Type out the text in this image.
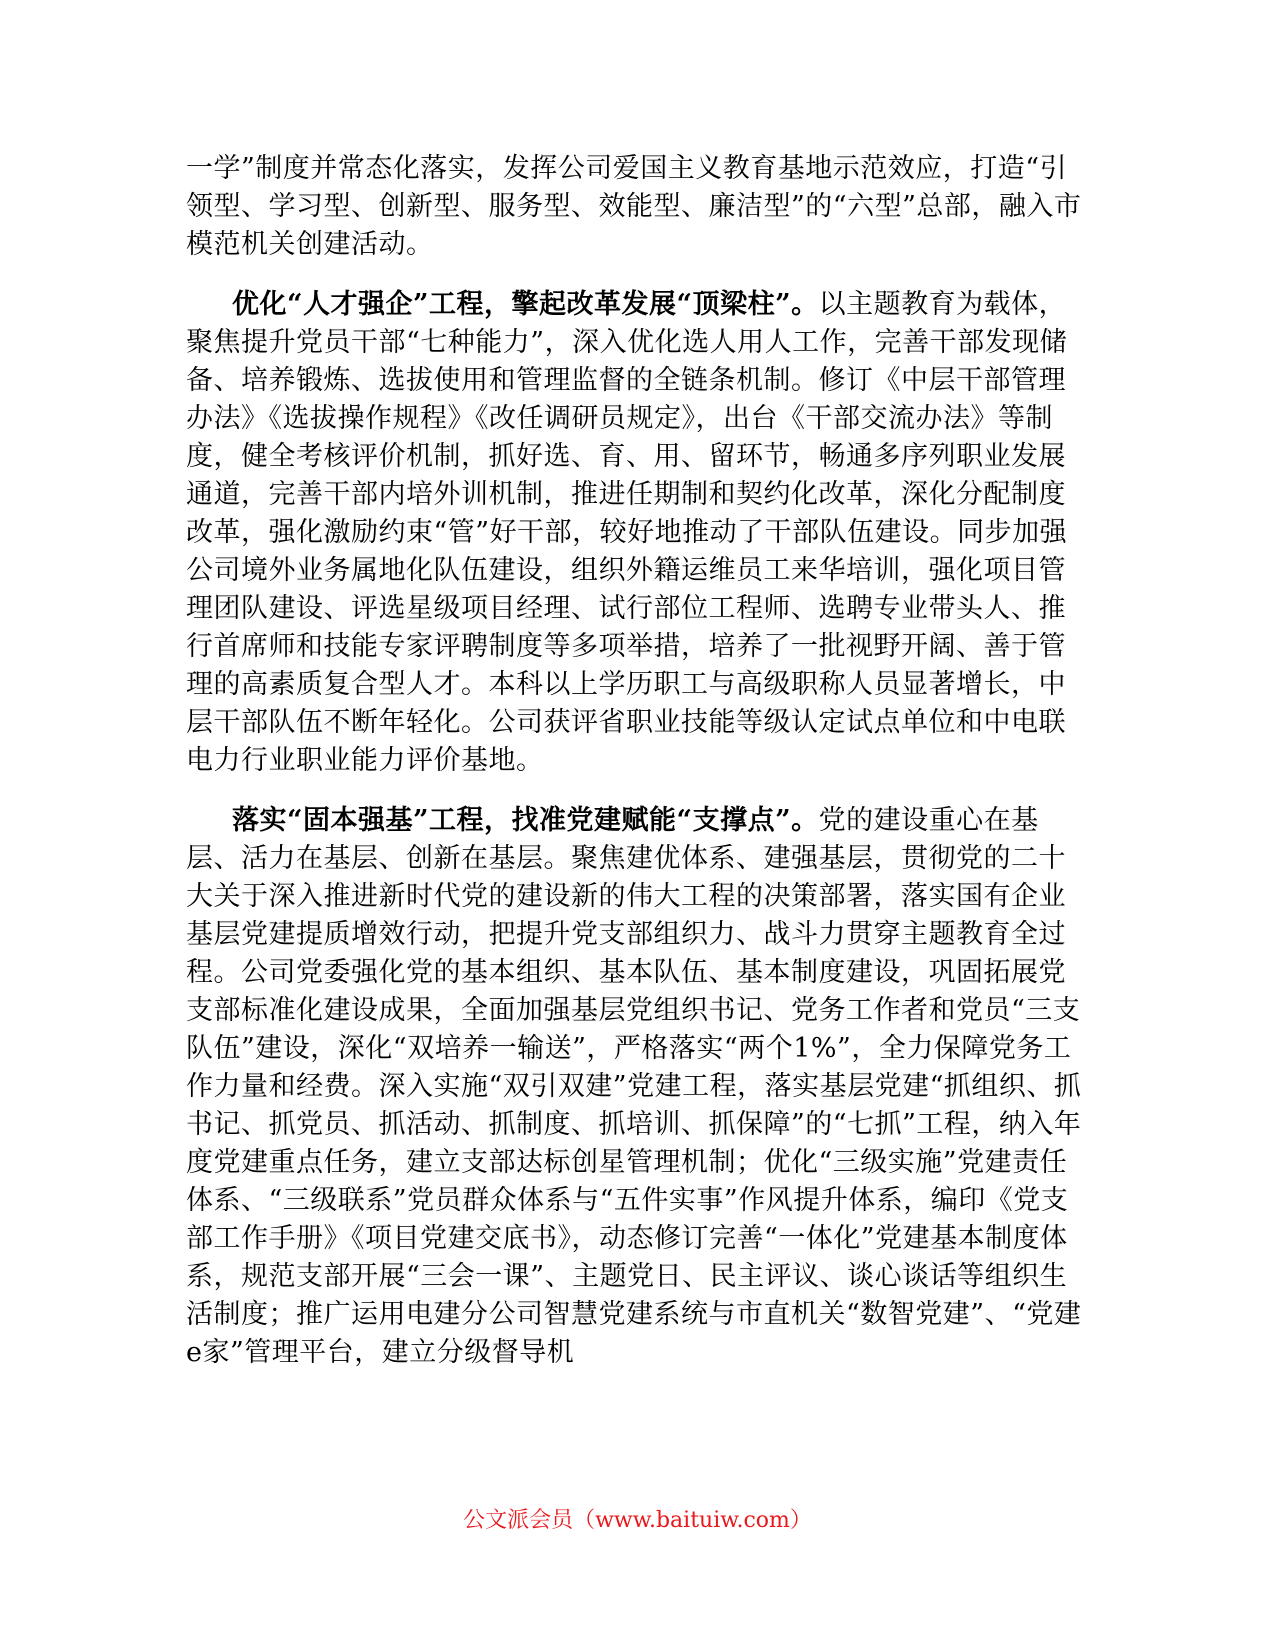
一学”制度并常态化落实，发挥公司爱国主义教育基地示范效应，打造“引领型、学习型、创新型、服务型、效能型、廉洁型”的“六型”总部，融入市模范机关创建活动。

优化“人才强企”工程，擎起改革发展“顶梁柱”。以主题教育为载体，聚焦提升党员干部“七种能力”，深入优化选人用人工作，完善干部发现储备、培养锻炼、选拔使用和管理监督的全链条机制。修订《中层干部管理办法》《选拔操作规程》《改任调研员规定》，出台《干部交流办法》等制度，健全考核评价机制，抓好选、育、用、留环节，畅通多序列职业发展通道，完善干部内培外训机制，推进任期制和契约化改革，深化分配制度改革，强化激励约束“管”好干部，较好地推动了干部队伍建设。同步加强公司境外业务属地化队伍建设，组织外籍运维员工来华培训，强化项目管理团队建设、评选星级项目经理、试行部位工程师、选聘专业带头人、推行首席师和技能专家评聘制度等多项举措，培养了一批视野开阔、善于管理的高素质复合型人才。本科以上学历职工与高级职称人员显著增长，中层干部队伍不断年轻化。公司获评省职业技能等级认定试点单位和中电联电力行业职业能力评价基地。

落实“固本强基”工程，找准党建赋能“支撑点”。党的建设重心在基层、活力在基层、创新在基层。聚焦建优体系、建强基层，贯彻党的二十大关于深入推进新时代党的建设新的伟大工程的决策部署，落实国有企业基层党建提质增效行动，把提升党支部组织力、战斗力贯穿主题教育全过程。公司党委强化党的基本组织、基本队伍、基本制度建设，巩固拓展党支部标准化建设成果，全面加强基层党组织书记、党务工作者和党员“三支队伍”建设，深化“双培养一输送”，严格落实“两个1%”，全力保障党务工作力量和经费。深入实施“双引双建”党建工程，落实基层党建“抓组织、抓书记、抓党员、抓活动、抓制度、抓培训、抓保障”的“七抓”工程，纳入年度党建重点任务，建立支部达标创星管理机制；优化“三级实施”党建责任体系、“三级联系”党员群众体系与“五件实事”作风提升体系，编印《党支部工作手册》《项目党建交底书》，动态修订完善“一体化”党建基本制度体系，规范支部开展“三会一课”、主题党日、民主评议、谈心谈话等组织生活制度；推广运用电建分公司智慧党建系统与市直机关“数智党建”、“党建e家”管理平台，建立分级督导机

公文派会员（www.baituiw.com）
